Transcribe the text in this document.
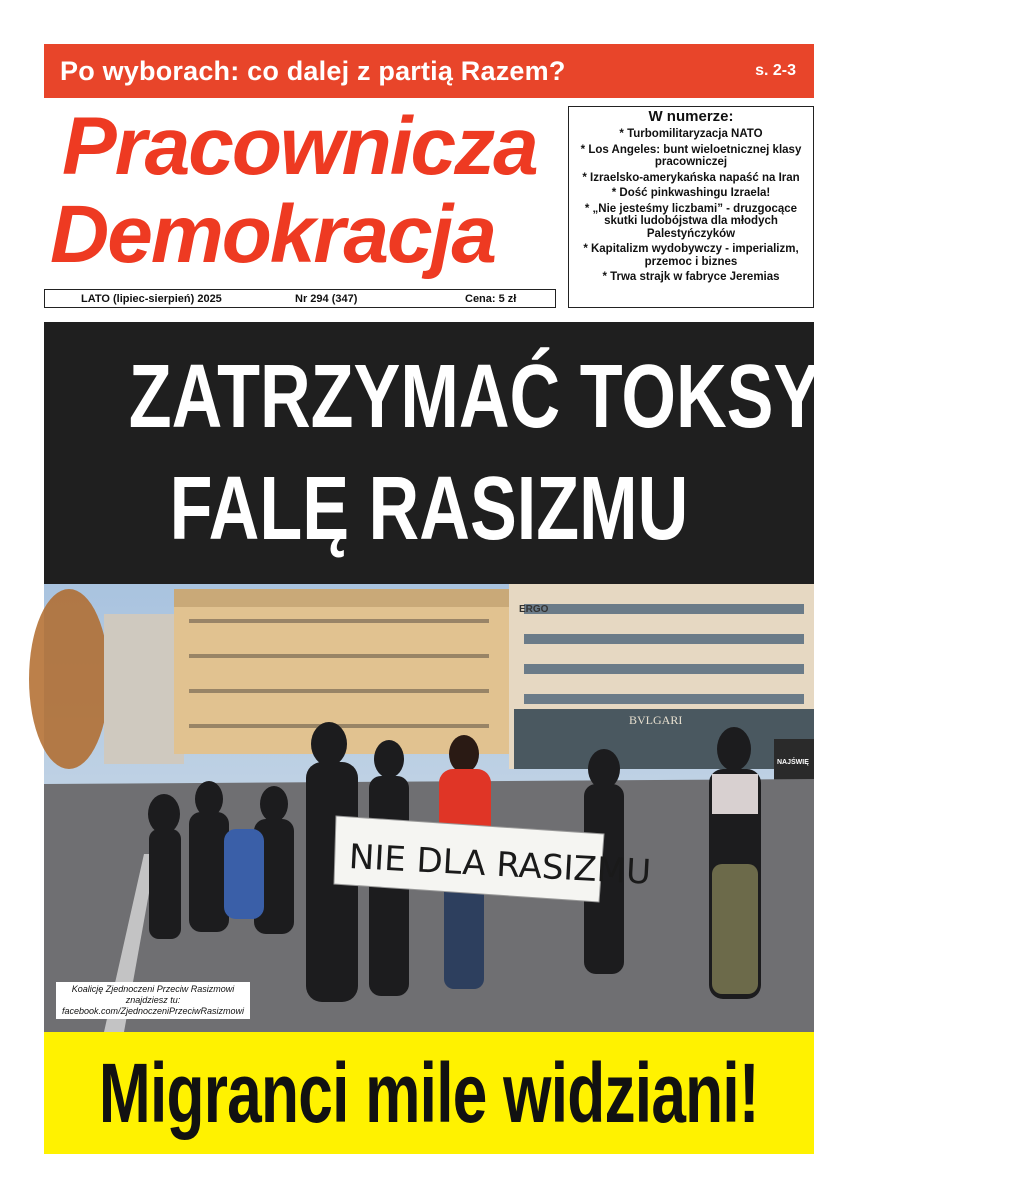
Po wyborach: co dalej z partią Razem?	s. 2-3
Pracownicza
Demokracja
LATO (lipiec-sierpień) 2025	Nr 294 (347)	Cena: 5 zł
W numerze:
* Turbomilitaryzacja NATO
* Los Angeles: bunt wieloetnicznej klasy pracowniczej
* Izraelsko-amerykańska napaść na Iran
* Dość pinkwashingu Izraela!
* „Nie jesteśmy liczbami” - druzgocące skutki ludobójstwa dla młodych Palestyńczyków
* Kapitalizm wydobywczy - imperializm, przemoc i biznes
* Trwa strajk w fabryce Jeremias
ZATRZYMAĆ TOKSYCZNĄ
FALĘ RASIZMU
ERGO
BVLGARI
NAJŚWIĘ
NIE DLA RASIZMU
Koalicję Zjednoczeni Przeciw Rasizmowi
znajdziesz tu:
facebook.com/ZjednoczeniPrzeciwRasizmowi
Migranci mile widziani!
